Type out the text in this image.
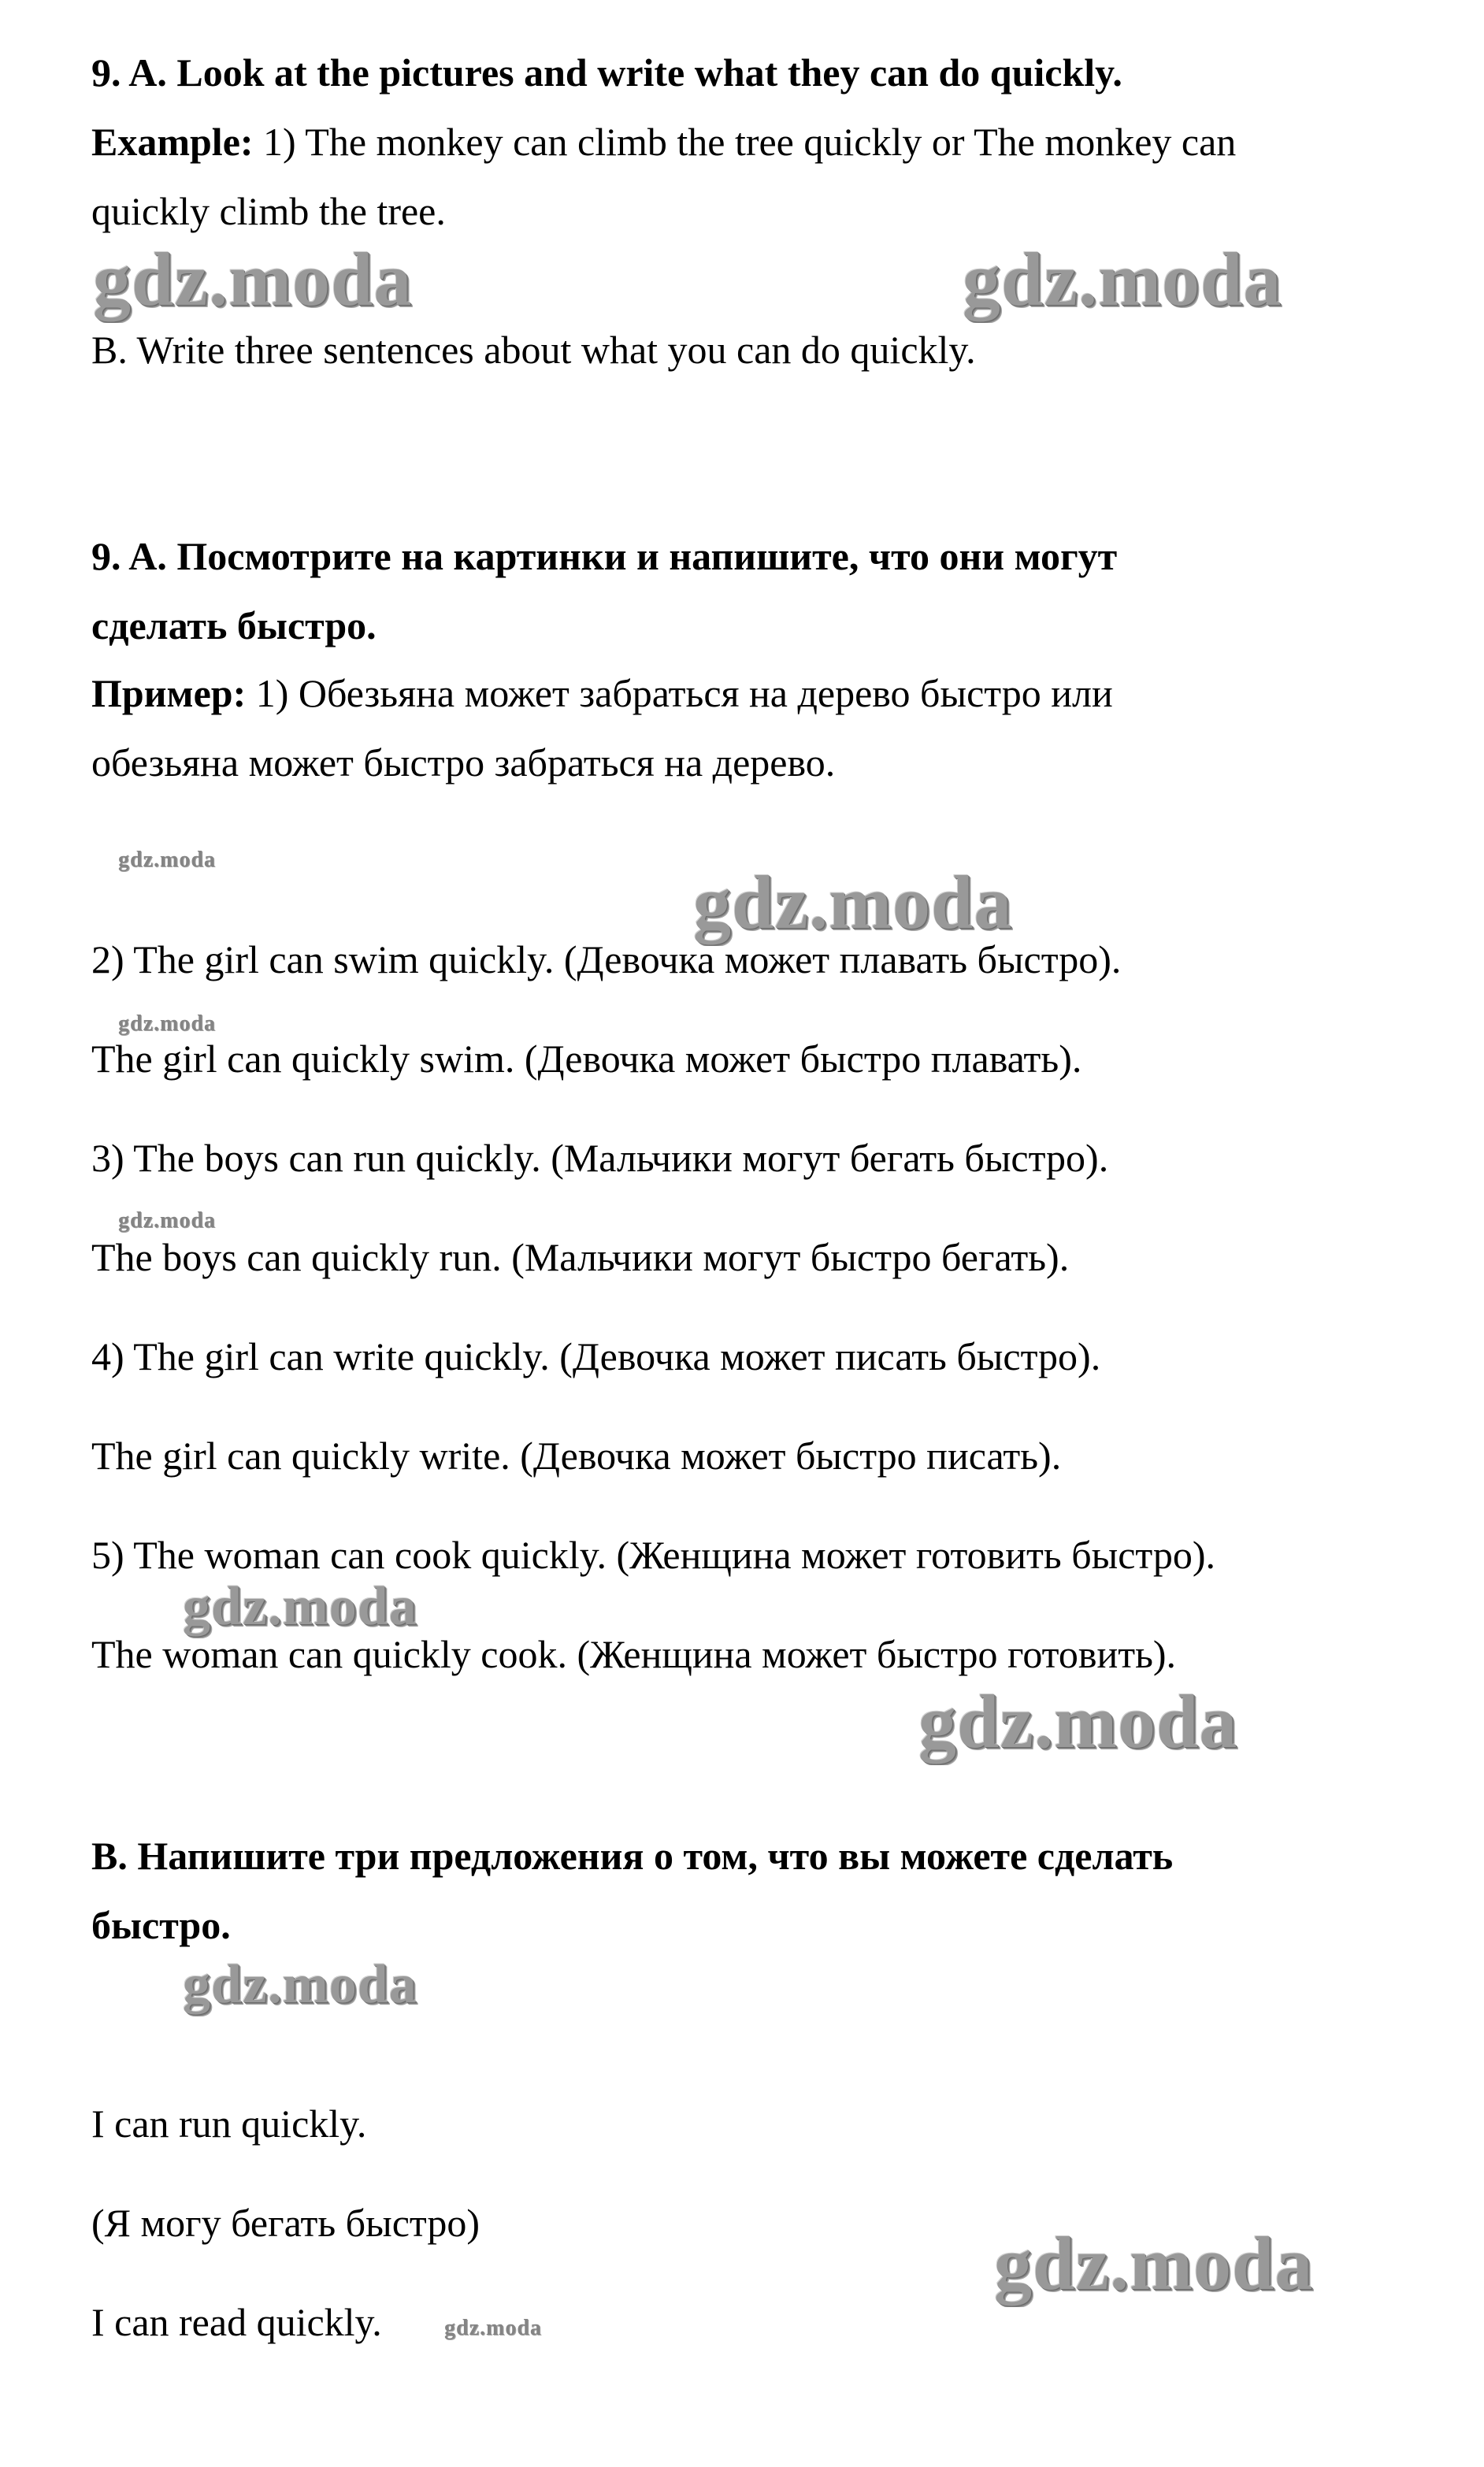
9. A. Look at the pictures and write what they can do quickly.

Example: 1) The monkey can climb the tree quickly or The monkey can

quickly climb the tree.

B. Write three sentences about what you can do quickly.

9. A. Посмотрите на картинки и напишите, что они могут

сделать быстро.

Пример: 1) Обезьяна может забраться на дерево быстро или

обезьяна может быстро забраться на дерево.

2) The girl can swim quickly. (Девочка может плавать быстро).

The girl can quickly swim. (Девочка может быстро плавать).

3) The boys can run quickly. (Мальчики могут бегать быстро).

The boys can quickly run. (Мальчики могут быстро бегать).

4) The girl can write quickly. (Девочка может писать быстро).

The girl can quickly write. (Девочка может быстро писать).

5) The woman can cook quickly. (Женщина может готовить быстро).

The woman can quickly cook. (Женщина может быстро готовить).

B. Напишите три предложения о том, что вы можете сделать

быстро.

I can run quickly.

(Я могу бегать быстро)

I can read quickly.

gdz.moda	gdz.moda
gdz.moda
gdz.moda
gdz.moda
gdz.moda
gdz.moda
gdz.moda
gdz.moda
gdz.moda
gdz.moda
